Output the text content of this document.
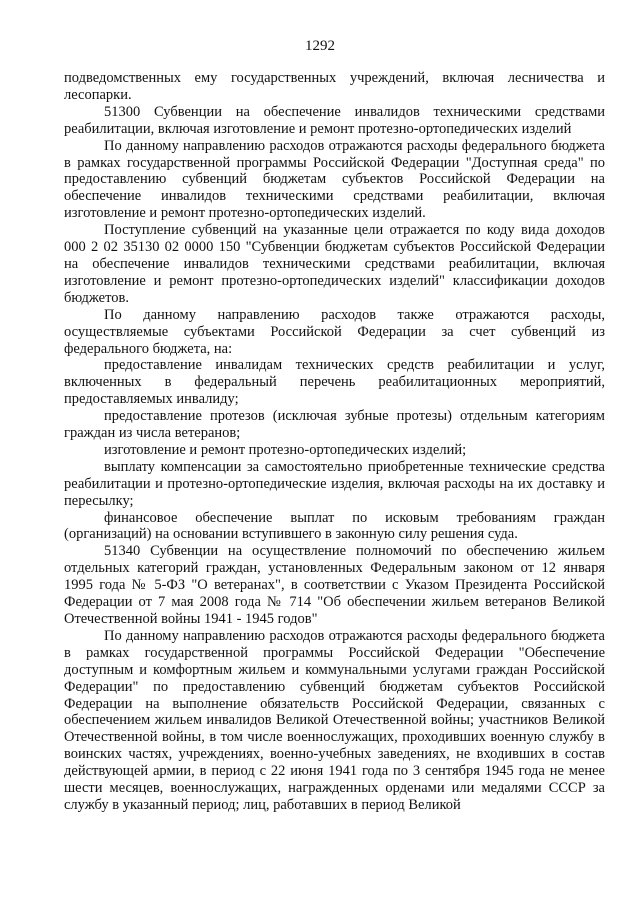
1292

подведомственных ему государственных учреждений, включая лесничества и лесопарки.

51300 Субвенции на обеспечение инвалидов техническими средствами реабилитации, включая изготовление и ремонт протезно-ортопедических изделий

По данному направлению расходов отражаются расходы федерального бюджета в рамках государственной программы Российской Федерации "Доступная среда" по предоставлению субвенций бюджетам субъектов Российской Федерации на обеспечение инвалидов техническими средствами реабилитации, включая изготовление и ремонт протезно-ортопедических изделий.

Поступление субвенций на указанные цели отражается по коду вида доходов 000 2 02 35130 02 0000 150 "Субвенции бюджетам субъектов Российской Федерации на обеспечение инвалидов техническими средствами реабилитации, включая изготовление и ремонт протезно-ортопедических изделий" классификации доходов бюджетов.

По данному направлению расходов также отражаются расходы, осуществляемые субъектами Российской Федерации за счет субвенций из федерального бюджета, на:

предоставление инвалидам технических средств реабилитации и услуг, включенных в федеральный перечень реабилитационных мероприятий, предоставляемых инвалиду;

предоставление протезов (исключая зубные протезы) отдельным категориям граждан из числа ветеранов;

изготовление и ремонт протезно-ортопедических изделий;

выплату компенсации за самостоятельно приобретенные технические средства реабилитации и протезно-ортопедические изделия, включая расходы на их доставку и пересылку;

финансовое обеспечение выплат по исковым требованиям граждан (организаций) на основании вступившего в законную силу решения суда.

51340 Субвенции на осуществление полномочий по обеспечению жильем отдельных категорий граждан, установленных Федеральным законом от 12 января 1995 года № 5-ФЗ "О ветеранах", в соответствии с Указом Президента Российской Федерации от 7 мая 2008 года № 714 "Об обеспечении жильем ветеранов Великой Отечественной войны 1941 - 1945 годов"

По данному направлению расходов отражаются расходы федерального бюджета в рамках государственной программы Российской Федерации "Обеспечение доступным и комфортным жильем и коммунальными услугами граждан Российской Федерации" по предоставлению субвенций бюджетам субъектов Российской Федерации на выполнение обязательств Российской Федерации, связанных с обеспечением жильем инвалидов Великой Отечественной войны; участников Великой Отечественной войны, в том числе военнослужащих, проходивших военную службу в воинских частях, учреждениях, военно-учебных заведениях, не входивших в состав действующей армии, в период с 22 июня 1941 года по 3 сентября 1945 года не менее шести месяцев, военнослужащих, награжденных орденами или медалями СССР за службу в указанный период; лиц, работавших в период Великой
